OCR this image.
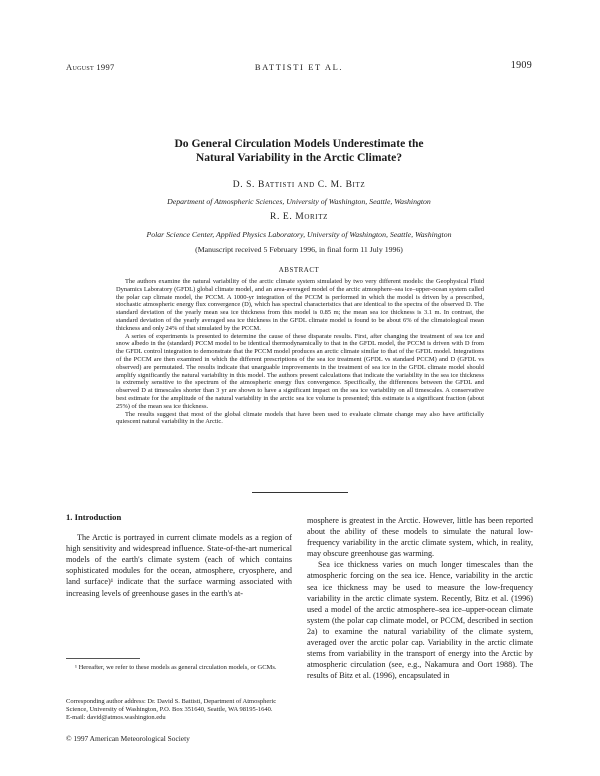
August 1997	BATTISTI ET AL.	1909
Do General Circulation Models Underestimate the
Natural Variability in the Arctic Climate?
D. S. Battisti and C. M. Bitz
Department of Atmospheric Sciences, University of Washington, Seattle, Washington
R. E. Moritz
Polar Science Center, Applied Physics Laboratory, University of Washington, Seattle, Washington
(Manuscript received 5 February 1996, in final form 11 July 1996)
ABSTRACT

The authors examine the natural variability of the arctic climate system simulated by two very different models: the Geophysical Fluid Dynamics Laboratory (GFDL) global climate model, and an area-averaged model of the arctic atmosphere–sea ice–upper-ocean system called the polar cap climate model, the PCCM. A 1000-yr integration of the PCCM is performed in which the model is driven by a prescribed, stochastic atmospheric energy flux convergence (D), which has spectral characteristics that are identical to the spectra of the observed D. The standard deviation of the yearly mean sea ice thickness from this model is 0.85 m; the mean sea ice thickness is 3.1 m. In contrast, the standard deviation of the yearly averaged sea ice thickness in the GFDL climate model is found to be about 6% of the climatological mean thickness and only 24% of that simulated by the PCCM.

A series of experiments is presented to determine the cause of these disparate results. First, after changing the treatment of sea ice and snow albedo in the (standard) PCCM model to be identical thermodynamically to that in the GFDL model, the PCCM is driven with D from the GFDL control integration to demonstrate that the PCCM model produces an arctic climate similar to that of the GFDL model. Integrations of the PCCM are then examined in which the different prescriptions of the sea ice treatment (GFDL vs standard PCCM) and D (GFDL vs observed) are permutated. The results indicate that unarguable improvements in the treatment of sea ice in the GFDL climate model should amplify significantly the natural variability in this model. The authors present calculations that indicate the variability in the sea ice thickness is extremely sensitive to the spectrum of the atmospheric energy flux convergence. Specifically, the differences between the GFDL and observed D at timescales shorter than 3 yr are shown to have a significant impact on the sea ice variability on all timescales. A conservative best estimate for the amplitude of the natural variability in the arctic sea ice volume is presented; this estimate is a significant fraction (about 25%) of the mean sea ice thickness.

The results suggest that most of the global climate models that have been used to evaluate climate change may also have artificially quiescent natural variability in the Arctic.

1. Introduction

The Arctic is portrayed in current climate models as a region of high sensitivity and widespread influence. State-of-the-art numerical models of the earth's climate system (each of which contains sophisticated modules for the ocean, atmosphere, cryosphere, and land surface)¹ indicate that the surface warming associated with increasing levels of greenhouse gases in the earth's at-

mosphere is greatest in the Arctic. However, little has been reported about the ability of these models to simulate the natural low-frequency variability in the arctic climate system, which, in reality, may obscure greenhouse gas warming.

Sea ice thickness varies on much longer timescales than the atmospheric forcing on the sea ice. Hence, variability in the arctic sea ice thickness may be used to measure the low-frequency variability in the arctic climate system. Recently, Bitz et al. (1996) used a model of the arctic atmosphere–sea ice–upper-ocean climate system (the polar cap climate model, or PCCM, described in section 2a) to examine the natural variability of the climate system, averaged over the arctic polar cap. Variability in the arctic climate stems from variability in the transport of energy into the Arctic by atmospheric circulation (see, e.g., Nakamura and Oort 1988). The results of Bitz et al. (1996), encapsulated in

¹ Hereafter, we refer to these models as general circulation models, or GCMs.

Corresponding author address: Dr. David S. Battisti, Department of Atmospheric Science, University of Washington, P.O. Box 351640, Seattle, WA 98195-1640.

E-mail: david@atmos.washington.edu

© 1997 American Meteorological Society
